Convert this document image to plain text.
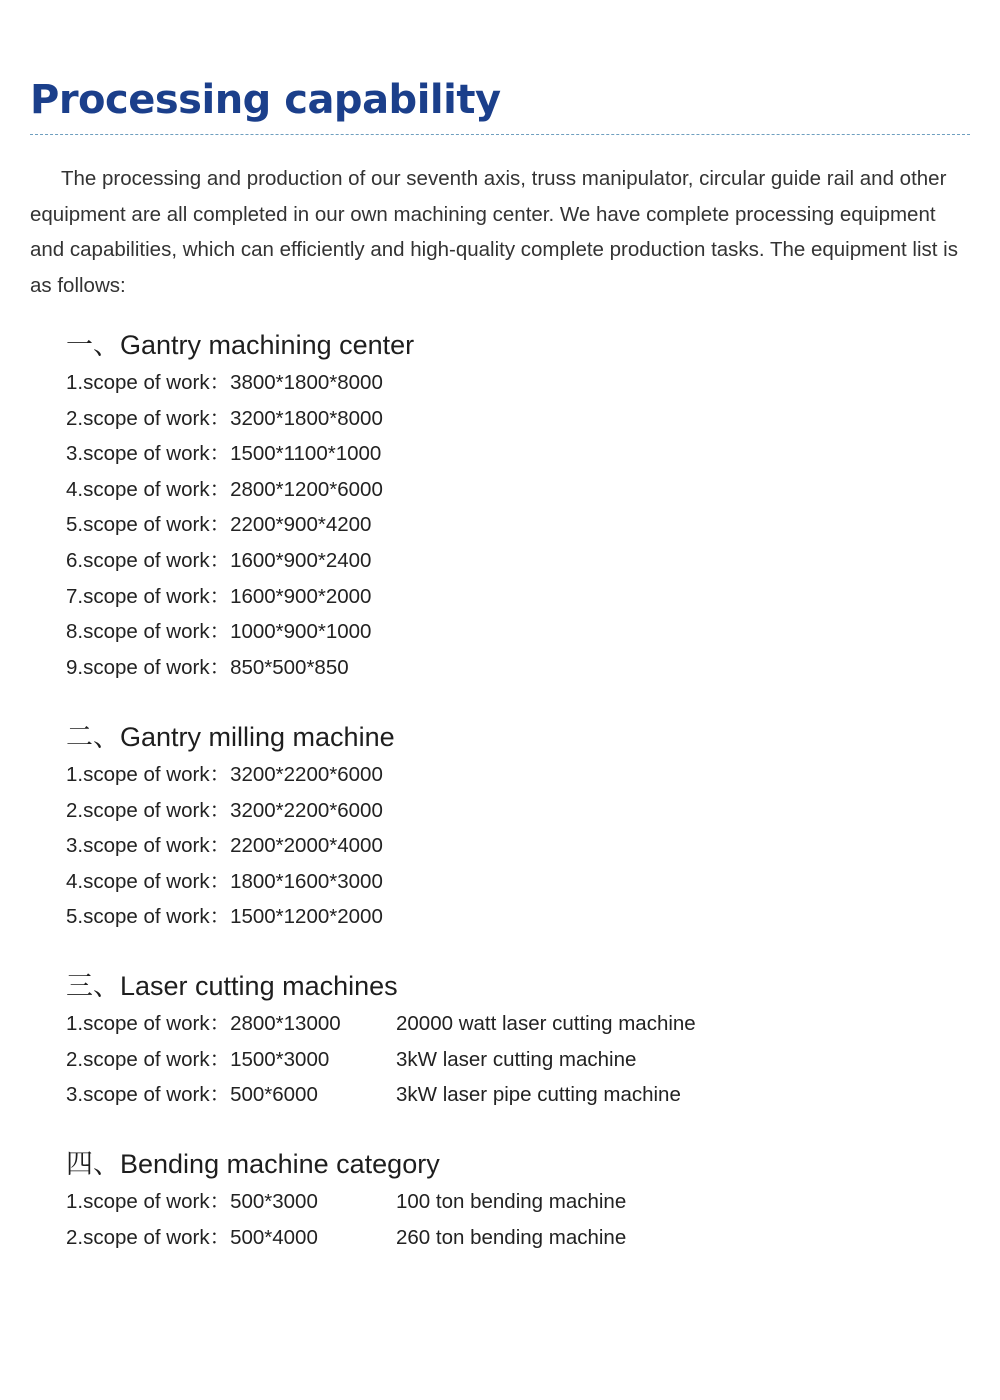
Processing capability

The processing and production of our seventh axis, truss manipulator, circular guide rail and other equipment are all completed in our own machining center. We have complete processing equipment and capabilities, which can efficiently and high-quality complete production tasks. The equipment list is as follows:

一、Gantry machining center
1.scope of work：3800*1800*8000
2.scope of work：3200*1800*8000
3.scope of work：1500*1100*1000
4.scope of work：2800*1200*6000
5.scope of work：2200*900*4200
6.scope of work：1600*900*2400
7.scope of work：1600*900*2000
8.scope of work：1000*900*1000
9.scope of work：850*500*850
二、Gantry milling machine
1.scope of work：3200*2200*6000
2.scope of work：3200*2200*6000
3.scope of work：2200*2000*4000
4.scope of work：1800*1600*3000
5.scope of work：1500*1200*2000
三、Laser cutting machines
1.scope of work：2800*13000	20000 watt laser cutting machine
2.scope of work：1500*3000	3kW laser cutting machine
3.scope of work：500*6000	3kW laser pipe cutting machine
四、Bending machine category
1.scope of work：500*3000	100 ton bending machine
2.scope of work：500*4000	260 ton bending machine
